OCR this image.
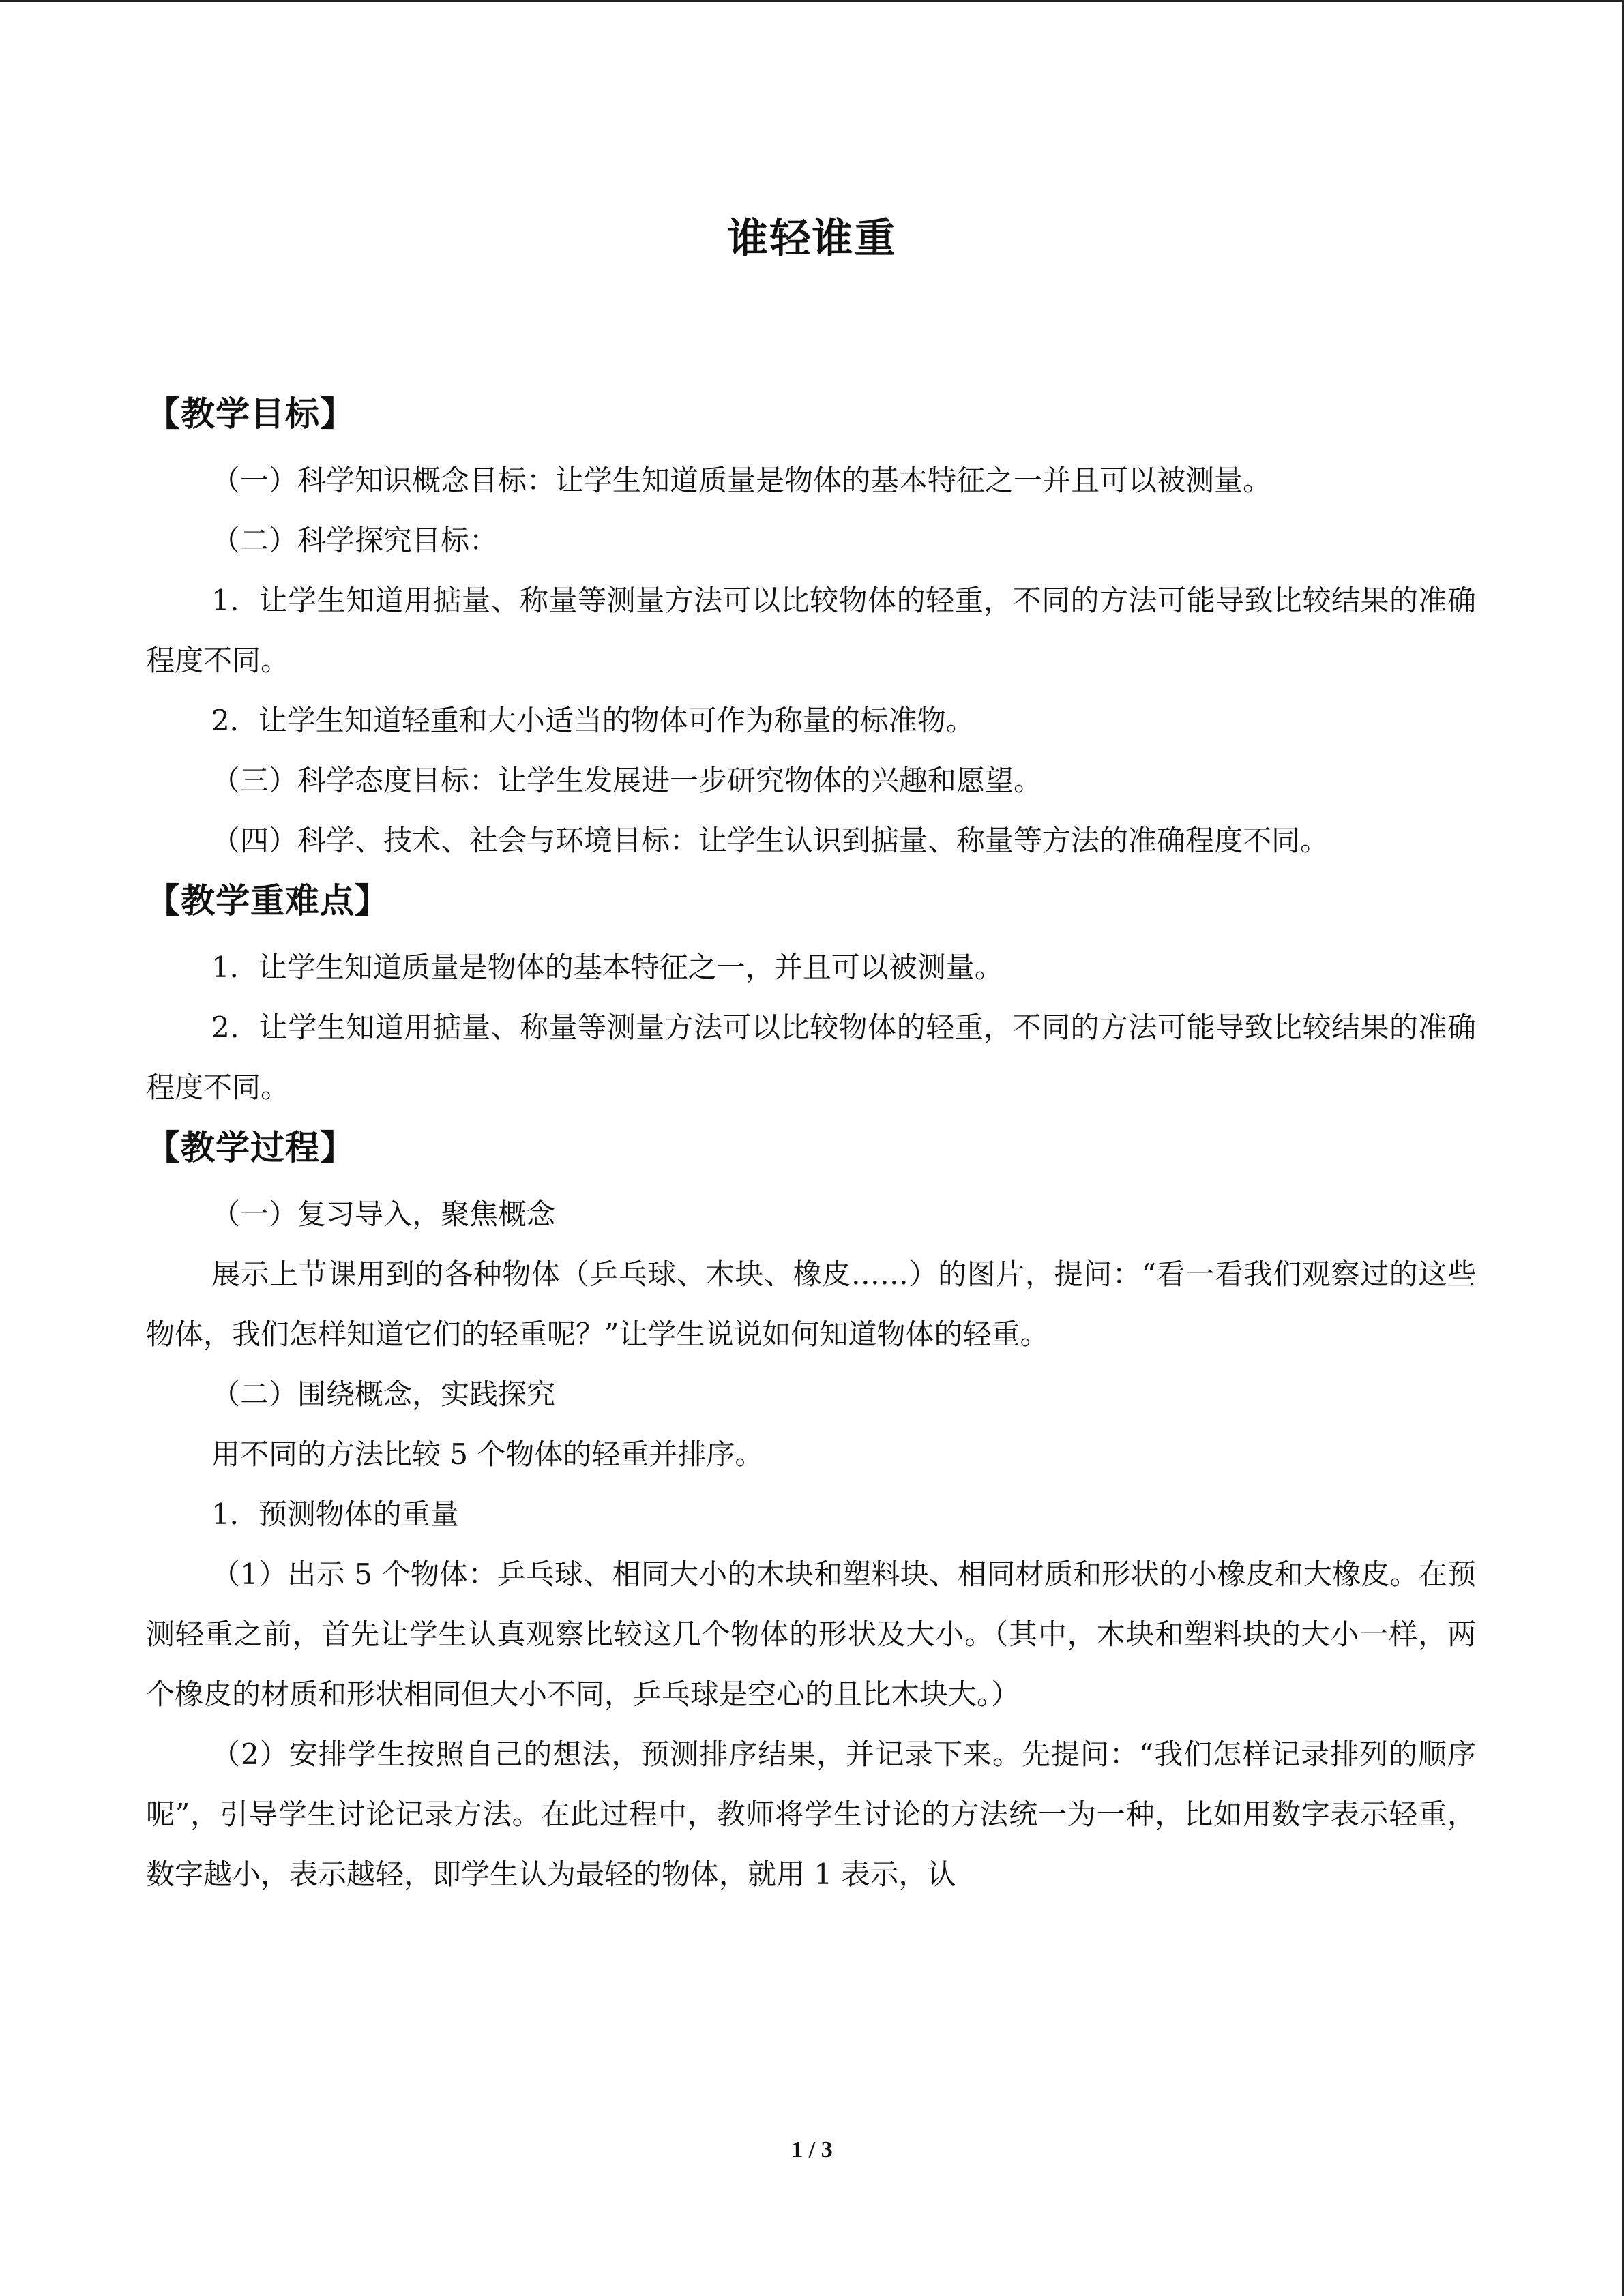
谁轻谁重
【教学目标】

（一）科学知识概念目标：让学生知道质量是物体的基本特征之一并且可以被测量。

（二）科学探究目标：

1．让学生知道用掂量、称量等测量方法可以比较物体的轻重，不同的方法可能导致比较结果的准确程度不同。

2．让学生知道轻重和大小适当的物体可作为称量的标准物。

（三）科学态度目标：让学生发展进一步研究物体的兴趣和愿望。

（四）科学、技术、社会与环境目标：让学生认识到掂量、称量等方法的准确程度不同。

【教学重难点】

1．让学生知道质量是物体的基本特征之一，并且可以被测量。

2．让学生知道用掂量、称量等测量方法可以比较物体的轻重，不同的方法可能导致比较结果的准确程度不同。

【教学过程】

（一）复习导入，聚焦概念

展示上节课用到的各种物体（乒乓球、木块、橡皮……）的图片，提问：“看一看我们观察过的这些物体，我们怎样知道它们的轻重呢？”让学生说说如何知道物体的轻重。

（二）围绕概念，实践探究

用不同的方法比较 5 个物体的轻重并排序。

1．预测物体的重量

（1）出示 5 个物体：乒乓球、相同大小的木块和塑料块、相同材质和形状的小橡皮和大橡皮。在预测轻重之前，首先让学生认真观察比较这几个物体的形状及大小。（其中，木块和塑料块的大小一样，两个橡皮的材质和形状相同但大小不同，乒乓球是空心的且比木块大。）

（2）安排学生按照自己的想法，预测排序结果，并记录下来。先提问：“我们怎样记录排列的顺序呢”，引导学生讨论记录方法。在此过程中，教师将学生讨论的方法统一为一种，比如用数字表示轻重，数字越小，表示越轻，即学生认为最轻的物体，就用 1 表示，认

1 / 3
